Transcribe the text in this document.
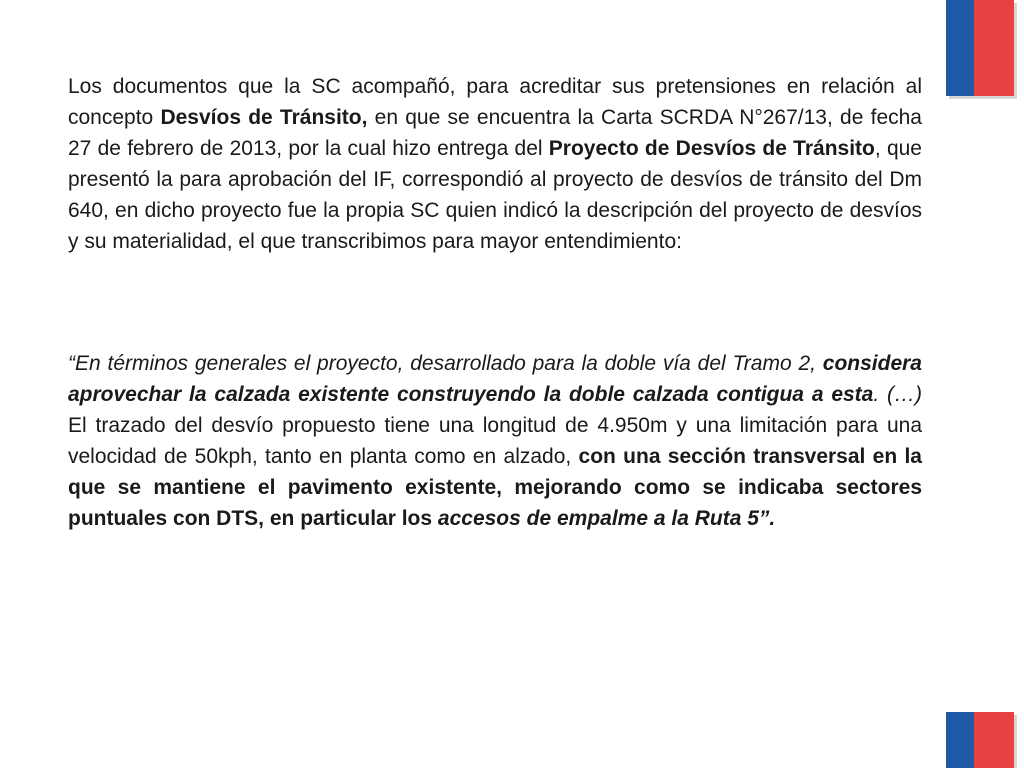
Los documentos que la SC acompañó, para acreditar sus pretensiones en relación al concepto Desvíos de Tránsito, en que se encuentra la Carta SCRDA N°267/13, de fecha 27 de febrero de 2013, por la cual hizo entrega del Proyecto de Desvíos de Tránsito, que presentó la para aprobación del IF, correspondió al proyecto de desvíos de tránsito del Dm 640, en dicho proyecto fue la propia SC quien indicó la descripción del proyecto de desvíos y su materialidad, el que transcribimos para mayor entendimiento:

“En términos generales el proyecto, desarrollado para la doble vía del Tramo 2, considera aprovechar la calzada existente construyendo la doble calzada contigua a esta. (…) El trazado del desvío propuesto tiene una longitud de 4.950m y una limitación para una velocidad de 50kph, tanto en planta como en alzado, con una sección transversal en la que se mantiene el pavimento existente, mejorando como se indicaba sectores puntuales con DTS, en particular los accesos de empalme a la Ruta 5”.
